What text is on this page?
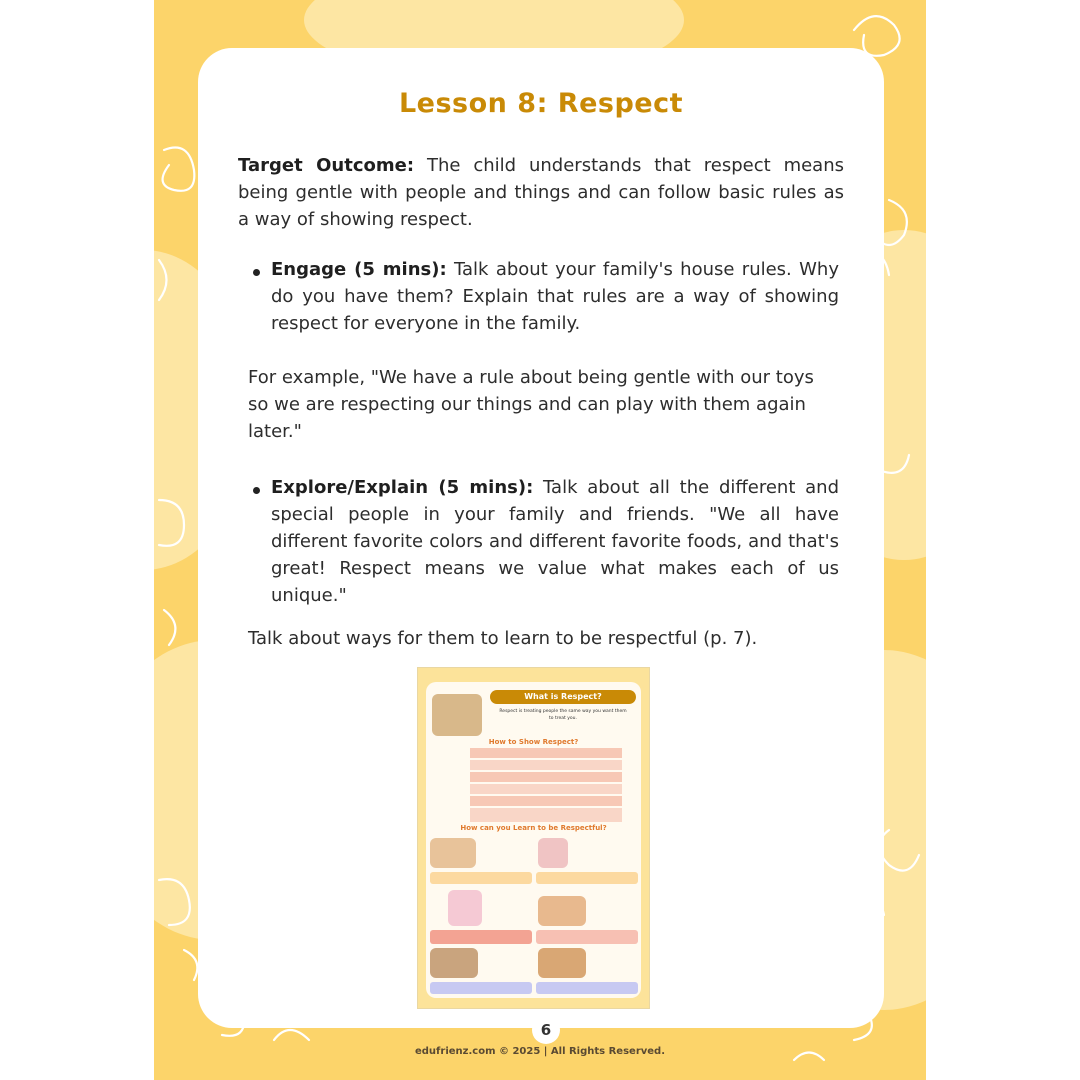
Lesson 8: Respect
Target Outcome: The child understands that respect means being gentle with people and things and can follow basic rules as a way of showing respect.
Engage (5 mins): Talk about your family's house rules. Why do you have them? Explain that rules are a way of showing respect for everyone in the family.
For example, "We have a rule about being gentle with our toys so we are respecting our things and can play with them again later."
Explore/Explain (5 mins): Talk about all the different and special people in your family and friends. "We all have different favorite colors and different favorite foods, and that's great! Respect means we value what makes each of us unique."
Talk about ways for them to learn to be respectful (p. 7).
What is Respect?
Respect is treating people the same way you want them to treat you.
How to Show Respect?
How can you Learn to be Respectful?
6
edufrienz.com © 2025 | All Rights Reserved.
